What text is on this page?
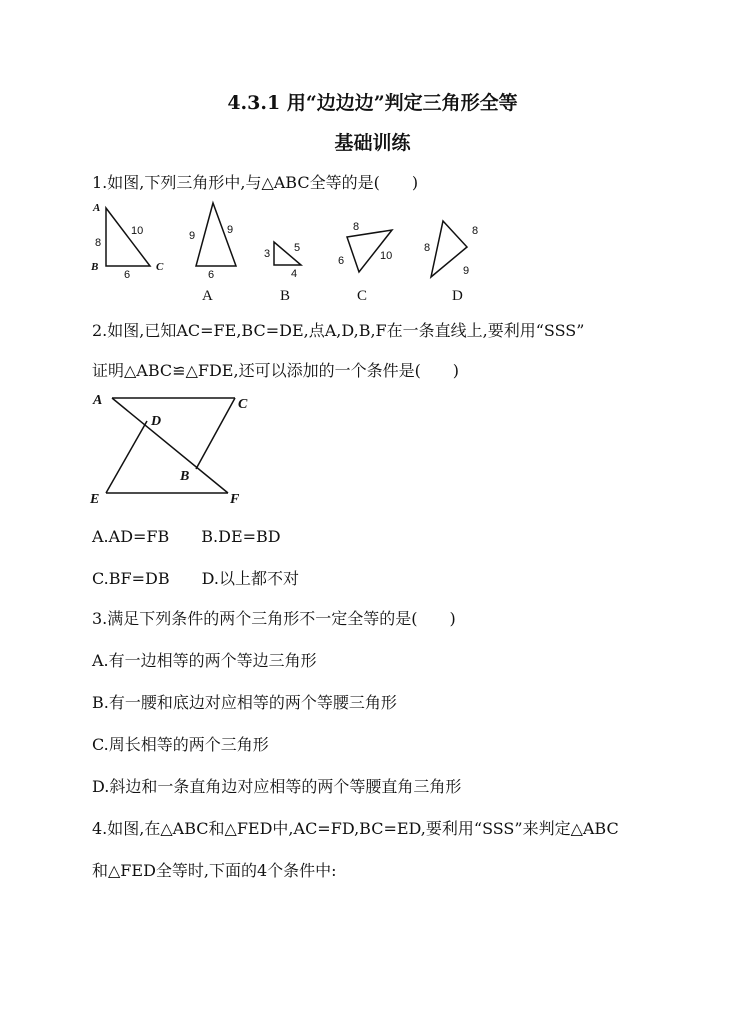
4.3.1 用“边边边”判定三角形全等
基础训练
1.如图,下列三角形中,与△ABC全等的是(　　)
A
B	C
8
10
6
9	9
6
3 5
4
8
6	10
8
8
9
A	B	C	D
2.如图,已知AC=FE,BC=DE,点A,D,B,F在一条直线上,要利用“SSS”
证明△ABC≌△FDE,还可以添加的一个条件是(　　)
A	C
D
B
E	F
A.AD=FB　　B.DE=BD
C.BF=DB　　D.以上都不对
3.满足下列条件的两个三角形不一定全等的是(　　)
A.有一边相等的两个等边三角形
B.有一腰和底边对应相等的两个等腰三角形
C.周长相等的两个三角形
D.斜边和一条直角边对应相等的两个等腰直角三角形
4.如图,在△ABC和△FED中,AC=FD,BC=ED,要利用“SSS”来判定△ABC
和△FED全等时,下面的4个条件中:
